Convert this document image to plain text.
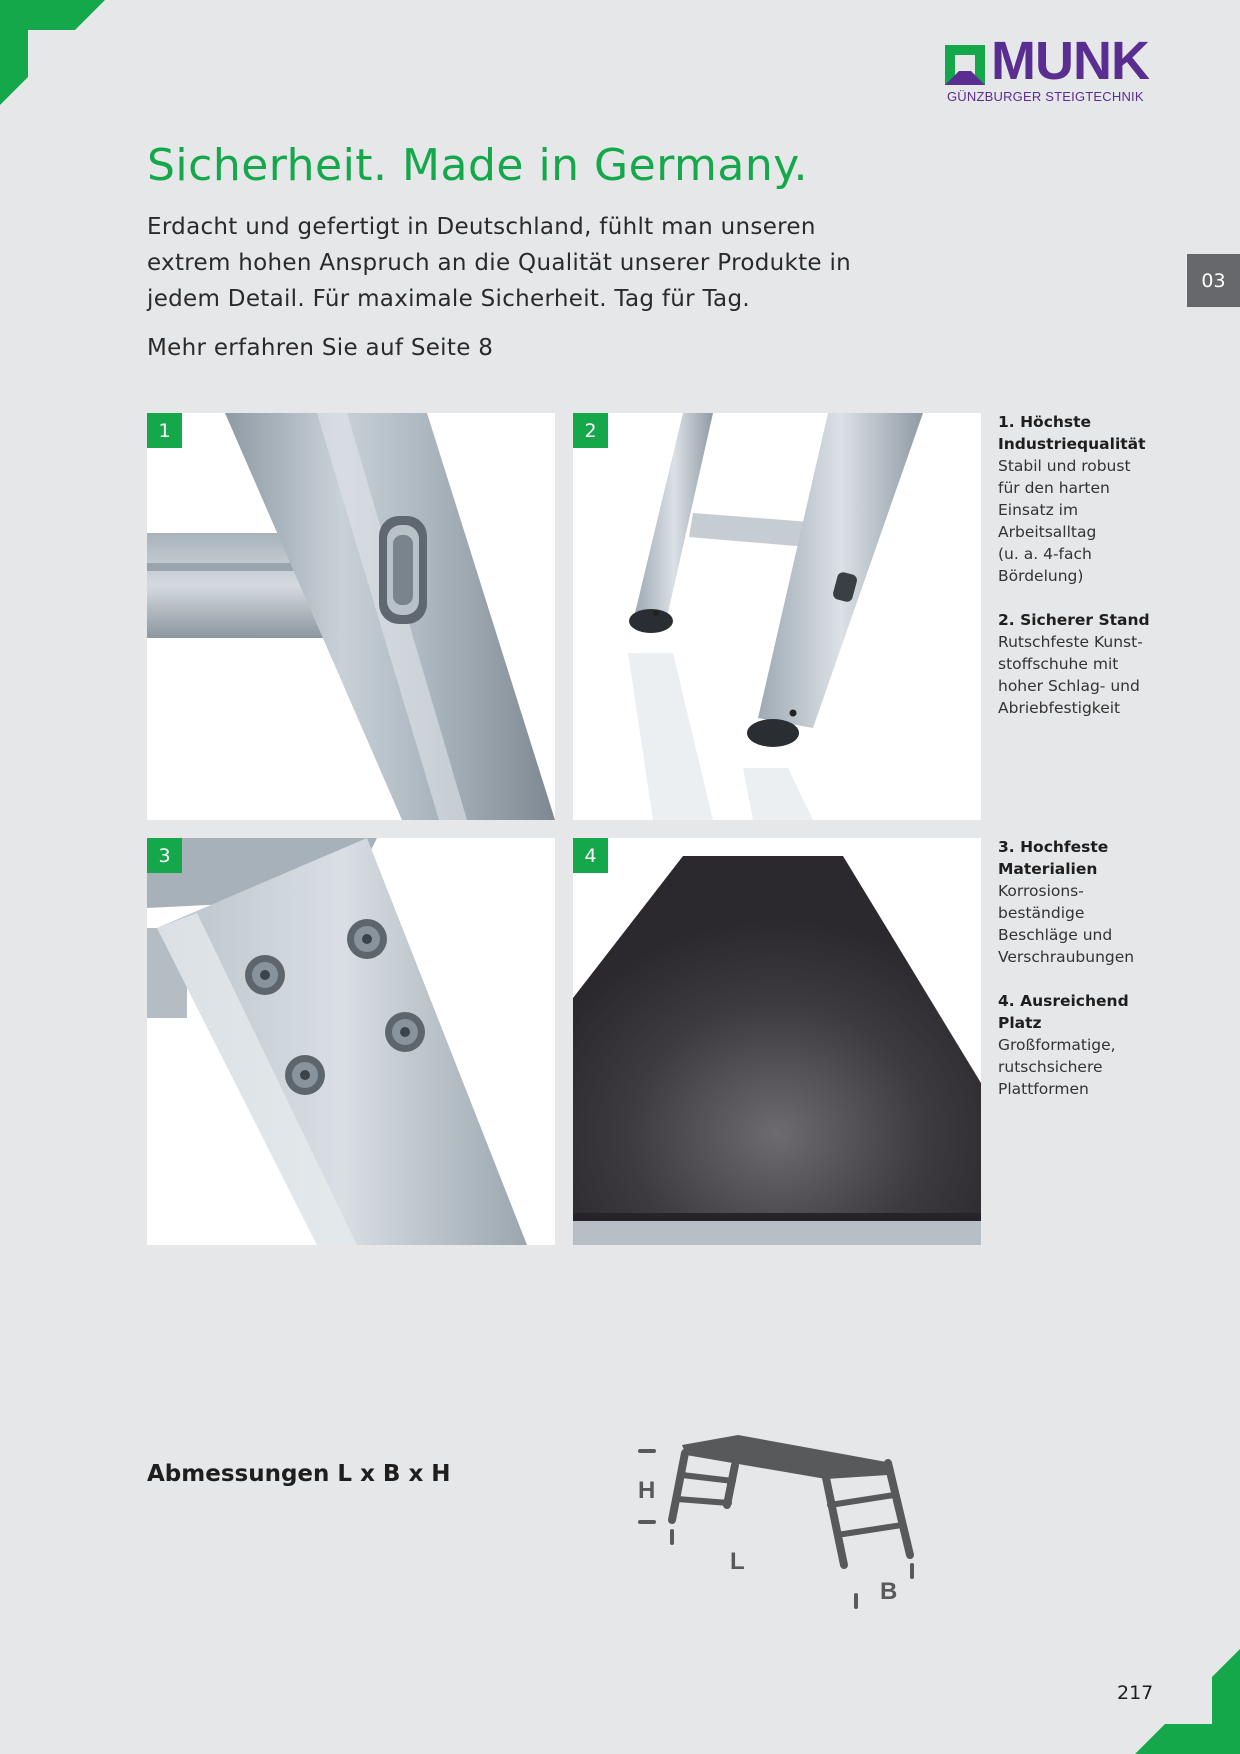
MUNK
GÜNZBURGER STEIGTECHNIK
03
Sicherheit. Made in Germany.

Erdacht und gefertigt in Deutschland, fühlt man unseren extrem hohen Anspruch an die Qualität unserer Produkte in jedem Detail. Für maximale Sicherheit. Tag für Tag.

Mehr erfahren Sie auf Seite 8

1	2
3	4
1. Höchste Industriequalität
Stabil und robust
für den harten
Einsatz im
Arbeitsalltag
(u. a. 4-fach
Bördelung)
2. Sicherer Stand
Rutschfeste Kunst-
stoffschuhe mit
hoher Schlag- und
Abriebfestigkeit
3. Hochfeste Materialien
Korrosions-
beständige
Beschläge und
Verschraubungen
4. Ausreichend Platz
Großformatige,
rutschsichere
Plattformen

Abmessungen L x B x H

H
L
B
217
